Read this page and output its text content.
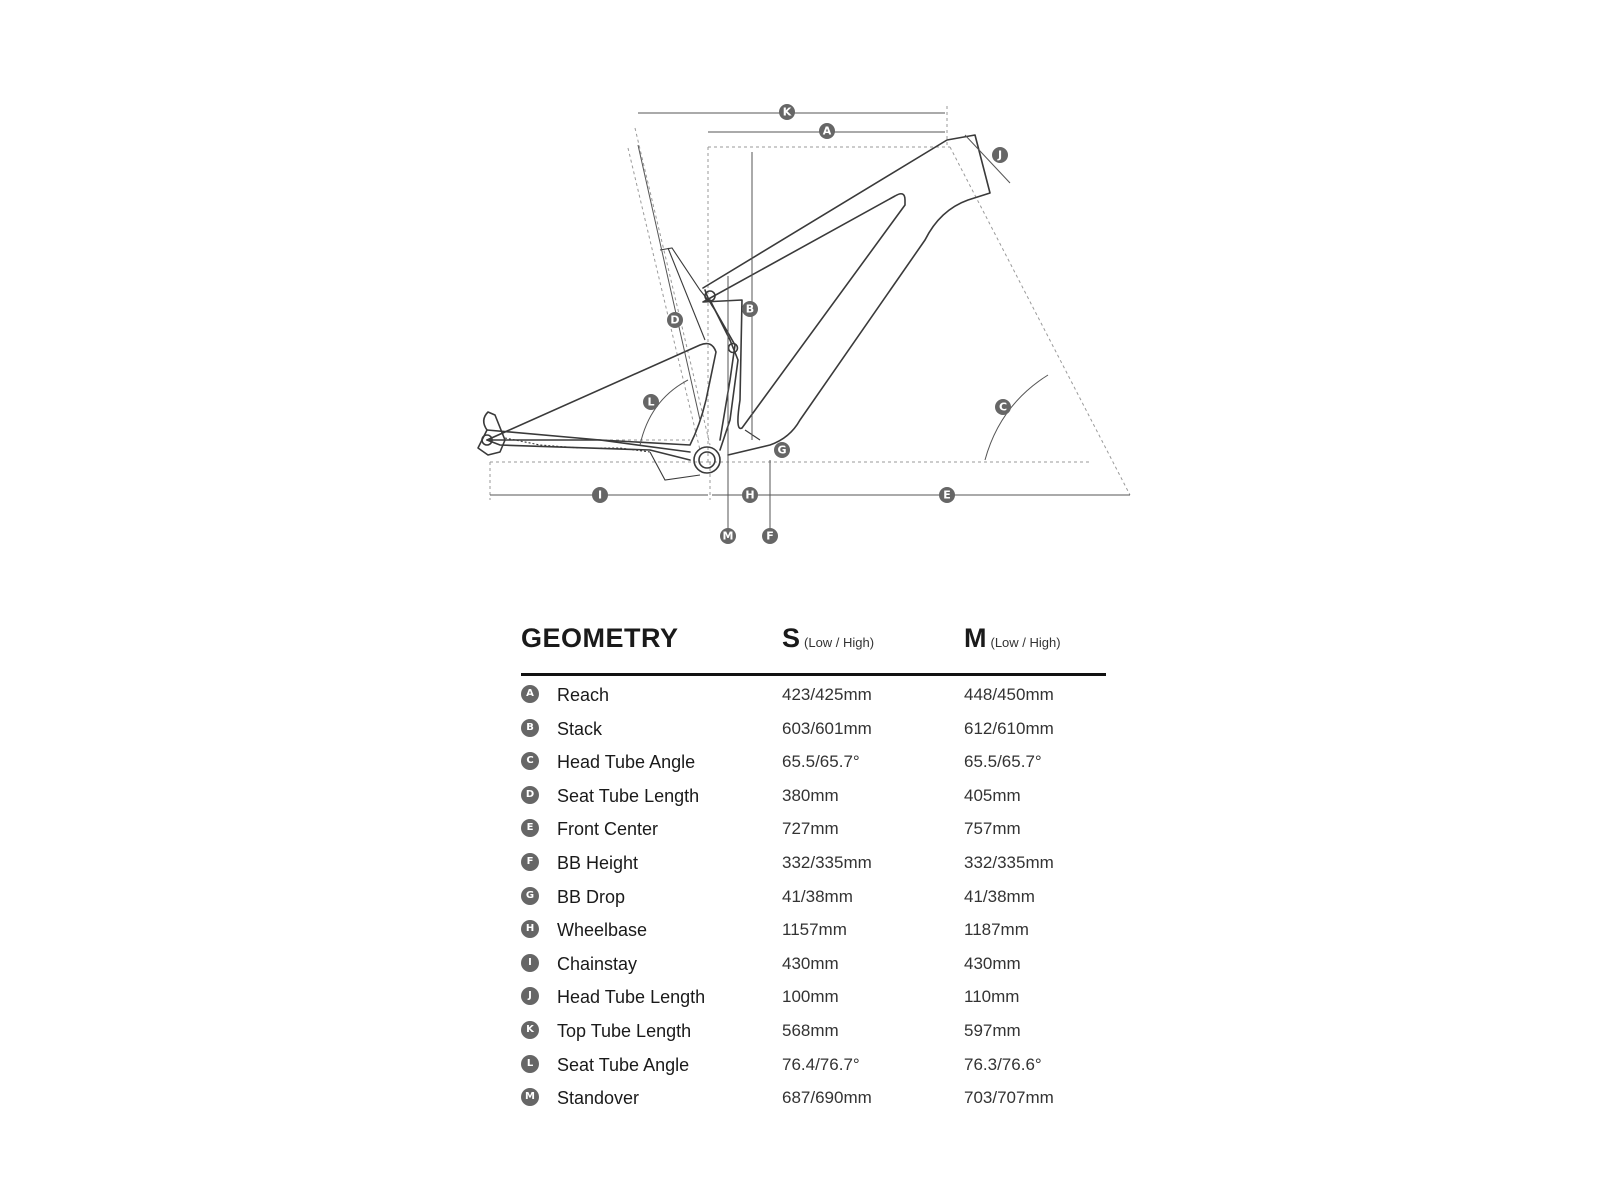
K
A
J
B
D
L	C
G
I	H	E
M	F
GEOMETRY	S (Low / High)	M (Low / High)
A Reach	423/425mm	448/450mm
B Stack	603/601mm	612/610mm
C Head Tube Angle	65.5/65.7°	65.5/65.7°
D Seat Tube Length	380mm	405mm
E	Front Center	727mm	757mm
F	BB Height	332/335mm	332/335mm
G BB Drop	41/38mm	41/38mm
H Wheelbase	1157mm	1187mm
I	Chainstay	430mm	430mm
J	Head Tube Length	100mm	110mm
K Top Tube Length	568mm	597mm
L	Seat Tube Angle	76.4/76.7°	76.3/76.6°
M Standover	687/690mm	703/707mm
